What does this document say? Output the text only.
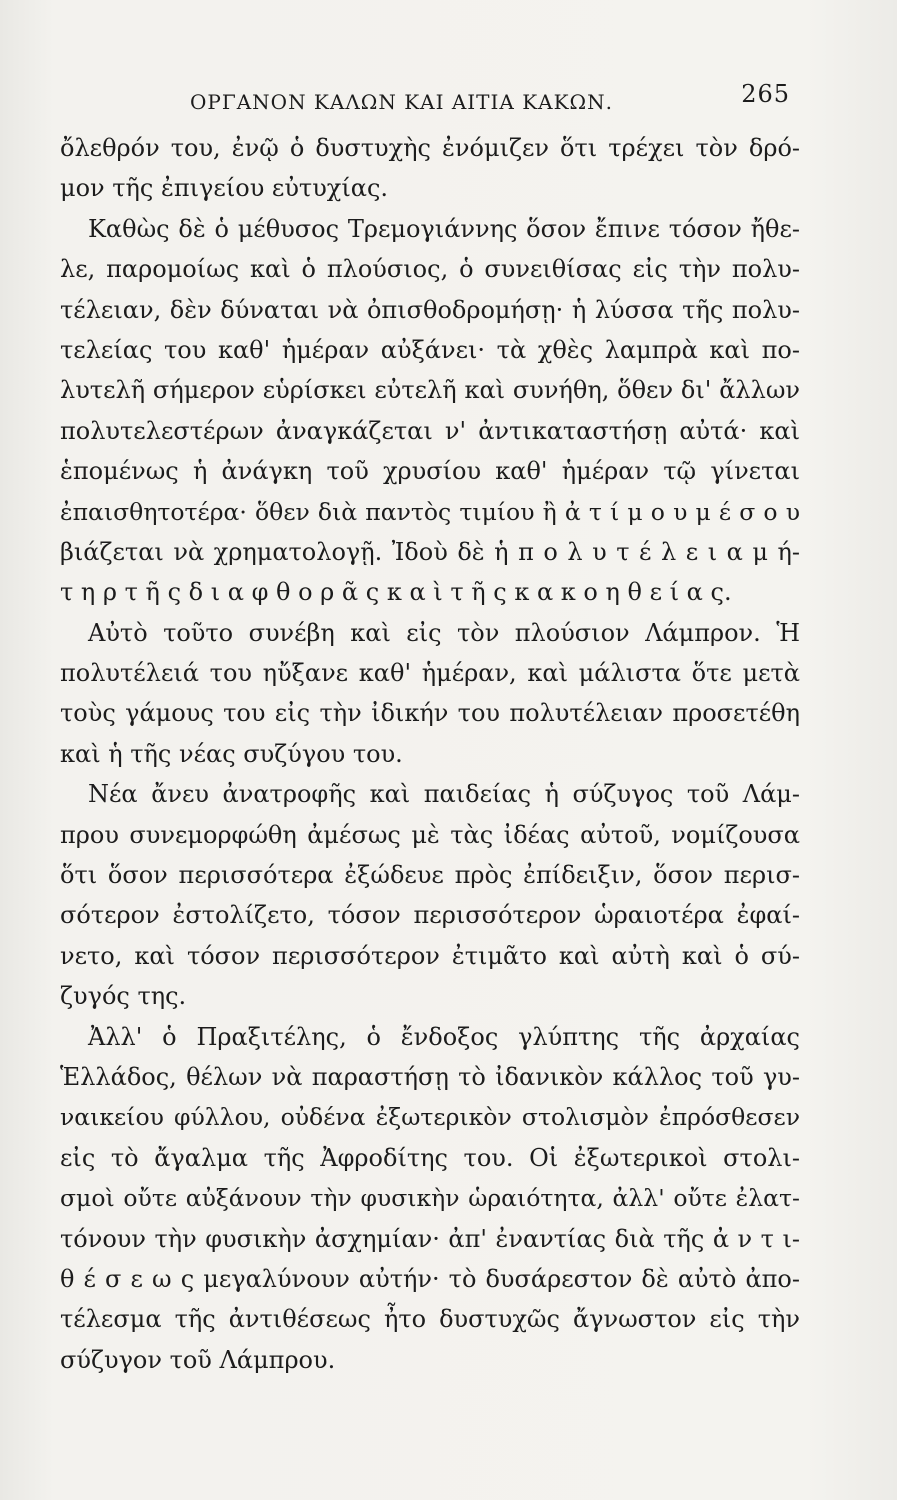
ΟΡΓΑΝΟΝ ΚΑΛΩΝ ΚΑΙ ΑΙΤΙΑ ΚΑΚΩΝ.	265
ὄλεθρόν του, ἐνῷ ὁ δυστυχὴς ἐνόμιζεν ὅτι τρέχει τὸν δρό-
μον τῆς ἐπιγείου εὐτυχίας.
Καθὼς δὲ ὁ μέθυσος Τρεμογιάννης ὅσον ἔπινε τόσον ἤθε-
λε, παρομοίως καὶ ὁ πλούσιος, ὁ συνειθίσας εἰς τὴν πολυ-
τέλειαν, δὲν δύναται νὰ ὀπισθοδρομήσῃ· ἡ λύσσα τῆς πολυ-
τελείας του καθ' ἡμέραν αὐξάνει· τὰ χθὲς λαμπρὰ καὶ πο-
λυτελῆ σήμερον εὑρίσκει εὐτελῆ καὶ συνήθη, ὅθεν δι' ἄλλων
πολυτελεστέρων ἀναγκάζεται ν' ἀντικαταστήσῃ αὐτά· καὶ
ἑπομένως ἡ ἀνάγκη τοῦ χρυσίου καθ' ἡμέραν τῷ γίνεται
ἐπαισθητοτέρα· ὅθεν διὰ παντὸς τιμίου ἢ ἀ τ ί μ ο υ μ έ σ ο υ
βιάζεται νὰ χρηματολογῇ. Ἰδοὺ δὲ ἡ π ο λ υ τ έ λ ε ι α μ ή-
τ η ρ τ ῆ ς δ ι α φ θ ο ρ ᾶ ς κ α ὶ τ ῆ ς κ α κ ο η θ ε ί α ς.
Αὐτὸ τοῦτο συνέβη καὶ εἰς τὸν πλούσιον Λάμπρον. Ἡ
πολυτέλειά του ηὔξανε καθ' ἡμέραν, καὶ μάλιστα ὅτε μετὰ
τοὺς γάμους του εἰς τὴν ἰδικήν του πολυτέλειαν προσετέθη
καὶ ἡ τῆς νέας συζύγου του.
Νέα ἄνευ ἀνατροφῆς καὶ παιδείας ἡ σύζυγος τοῦ Λάμ-
πρου συνεμορφώθη ἀμέσως μὲ τὰς ἰδέας αὐτοῦ, νομίζουσα
ὅτι ὅσον περισσότερα ἐξώδευε πρὸς ἐπίδειξιν, ὅσον περισ-
σότερον ἐστολίζετο, τόσον περισσότερον ὡραιοτέρα ἐφαί-
νετο, καὶ τόσον περισσότερον ἐτιμᾶτο καὶ αὐτὴ καὶ ὁ σύ-
ζυγός της.
Ἀλλ' ὁ Πραξιτέλης, ὁ ἔνδοξος γλύπτης τῆς ἀρχαίας
Ἑλλάδος, θέλων νὰ παραστήσῃ τὸ ἰδανικὸν κάλλος τοῦ γυ-
ναικείου φύλλου, οὐδένα ἐξωτερικὸν στολισμὸν ἐπρόσθεσεν
εἰς τὸ ἄγαλμα τῆς Ἀφροδίτης του. Οἱ ἐξωτερικοὶ στολι-
σμοὶ οὔτε αὐξάνουν τὴν φυσικὴν ὡραιότητα, ἀλλ' οὔτε ἐλατ-
τόνουν τὴν φυσικὴν ἀσχημίαν· ἀπ' ἐναντίας διὰ τῆς ἀ ν τ ι-
θ έ σ ε ω ς μεγαλύνουν αὐτήν· τὸ δυσάρεστον δὲ αὐτὸ ἀπο-
τέλεσμα τῆς ἀντιθέσεως ἦτο δυστυχῶς ἄγνωστον εἰς τὴν
σύζυγον τοῦ Λάμπρου.
